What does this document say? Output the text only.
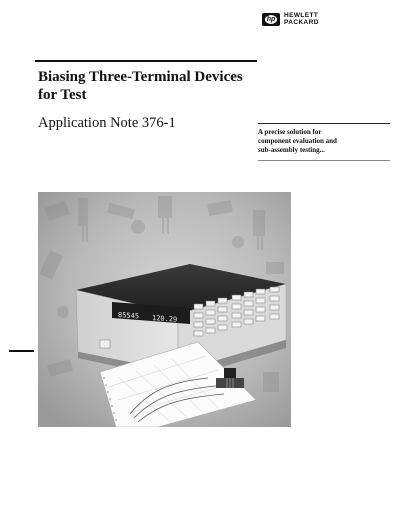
hp HEWLETT
PACKARD
Biasing Three-Terminal Devices
for Test
Application Note 376-1

A precise solution for
component evaluation and
sub-assembly testing...

85545 120.29
